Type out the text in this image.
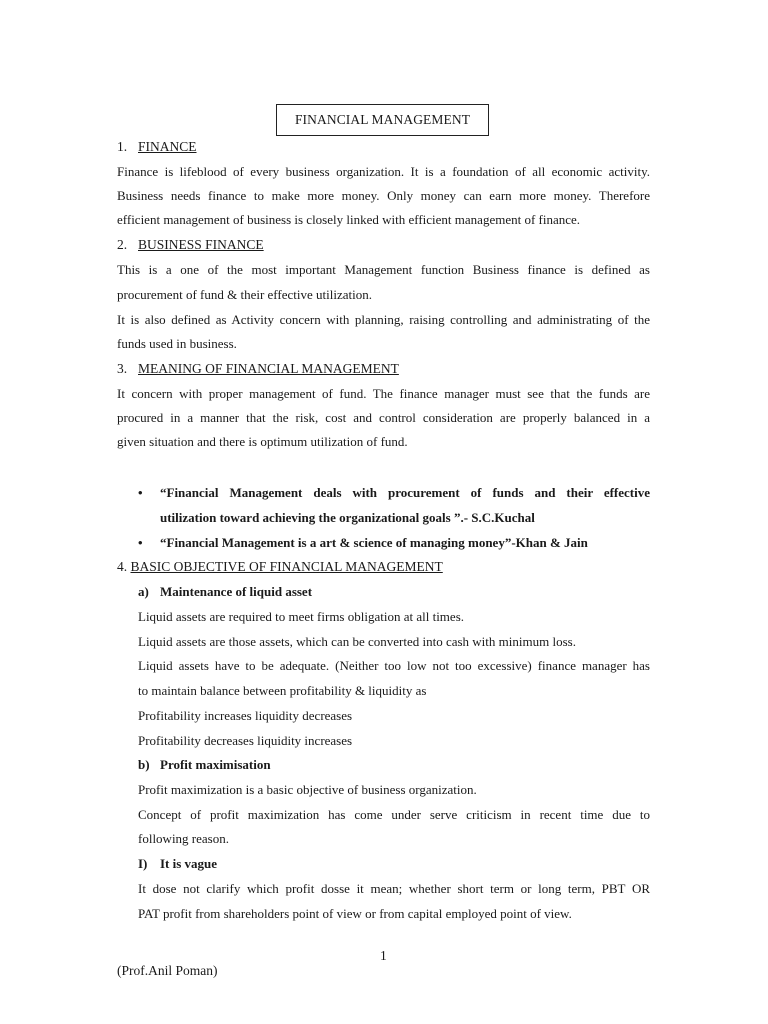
FINANCIAL MANAGEMENT
1. FINANCE
Finance is lifeblood of every business organization. It is a foundation of all economic activity.
Business needs finance to make more money. Only money can earn more money. Therefore
efficient management of business is closely linked with efficient management of finance.
2. BUSINESS FINANCE
This is a one of the most important Management function Business finance is defined as
procurement of fund & their effective utilization.
It is also defined as Activity concern with planning, raising controlling and administrating of the
funds used in business.
3. MEANING OF FINANCIAL MANAGEMENT
It concern with proper management of fund. The finance manager must see that the funds are
procured in a manner that the risk, cost and control consideration are properly balanced in a
given situation and there is optimum utilization of fund.
• “Financial Management deals with procurement of funds and their effective
utilization toward achieving the organizational goals ”.- S.C.Kuchal
• “Financial Management is a art & science of managing money”-Khan & Jain
4. BASIC OBJECTIVE OF FINANCIAL MANAGEMENT
a) Maintenance of liquid asset
Liquid assets are required to meet firms obligation at all times.
Liquid assets are those assets, which can be converted into cash with minimum loss.
Liquid assets have to be adequate. (Neither too low not too excessive) finance manager has
to maintain balance between profitability & liquidity as
Profitability increases liquidity decreases
Profitability decreases liquidity increases
b) Profit maximisation
Profit maximization is a basic objective of business organization.
Concept of profit maximization has come under serve criticism in recent time due to
following reason.
I) It is vague
It dose not clarify which profit dosse it mean; whether short term or long term, PBT OR
PAT profit from shareholders point of view or from capital employed point of view.
1
(Prof.Anil Poman)
